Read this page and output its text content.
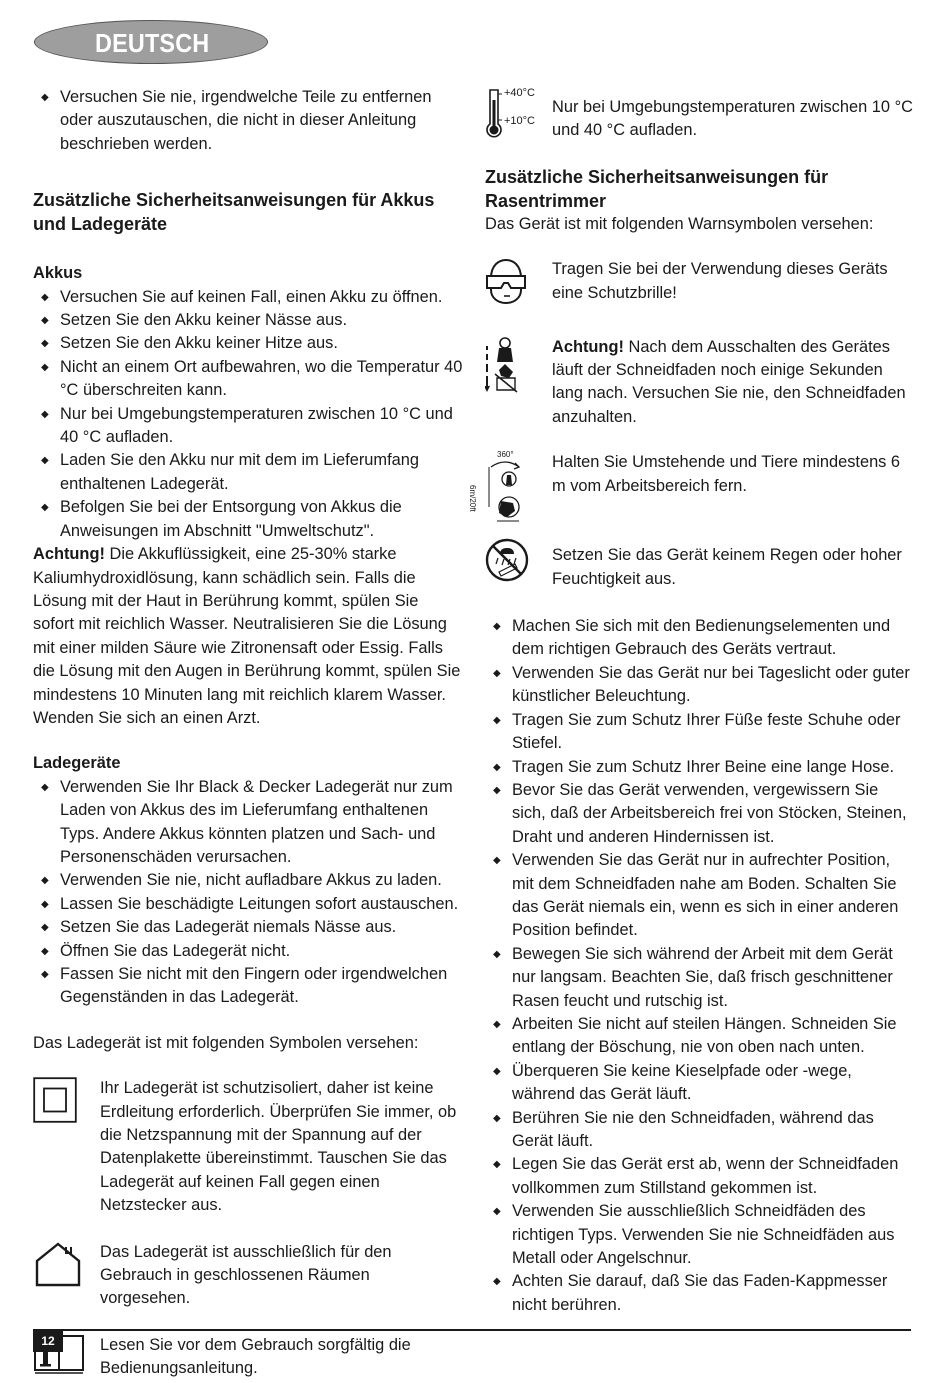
DEUTSCH
◆ Versuchen Sie nie, irgendwelche Teile zu entfernen oder auszutauschen, die nicht in dieser Anleitung beschrieben werden.
Zusätzliche Sicherheitsanweisungen für Akkus und Ladegeräte
Akkus
◆ Versuchen Sie auf keinen Fall, einen Akku zu öffnen.
◆ Setzen Sie den Akku keiner Nässe aus.
◆ Setzen Sie den Akku keiner Hitze aus.
◆ Nicht an einem Ort aufbewahren, wo die Temperatur 40 °C überschreiten kann.
◆ Nur bei Umgebungstemperaturen zwischen 10 °C und 40 °C aufladen.
◆ Laden Sie den Akku nur mit dem im Lieferumfang enthaltenen Ladegerät.
◆ Befolgen Sie bei der Entsorgung von Akkus die Anweisungen im Abschnitt "Umweltschutz".

Achtung! Die Akkuflüssigkeit, eine 25-30% starke Kaliumhydroxidlösung, kann schädlich sein. Falls die Lösung mit der Haut in Berührung kommt, spülen Sie sofort mit reichlich Wasser. Neutralisieren Sie die Lösung mit einer milden Säure wie Zitronensaft oder Essig. Falls die Lösung mit den Augen in Berührung kommt, spülen Sie mindestens 10 Minuten lang mit reichlich klarem Wasser. Wenden Sie sich an einen Arzt.

Ladegeräte
◆ Verwenden Sie Ihr Black & Decker Ladegerät nur zum Laden von Akkus des im Lieferumfang enthaltenen Typs. Andere Akkus könnten platzen und Sach- und Personenschäden verursachen.
◆ Verwenden Sie nie, nicht aufladbare Akkus zu laden.
◆ Lassen Sie beschädigte Leitungen sofort austauschen.
◆ Setzen Sie das Ladegerät niemals Nässe aus.
◆ Öffnen Sie das Ladegerät nicht.
◆ Fassen Sie nicht mit den Fingern oder irgendwelchen Gegenständen in das Ladegerät.

Das Ladegerät ist mit folgenden Symbolen versehen:

Ihr Ladegerät ist schutzisoliert, daher ist keine Erdleitung erforderlich. Überprüfen Sie immer, ob die Netzspannung mit der Spannung auf der Datenplakette übereinstimmt. Tauschen Sie das Ladegerät auf keinen Fall gegen einen Netzstecker aus.

Das Ladegerät ist ausschließlich für den Gebrauch in geschlossenen Räumen vorgesehen.

Lesen Sie vor dem Gebrauch sorgfältig die Bedienungsanleitung.

+40°C
+10°C

Nur bei Umgebungstemperaturen zwischen 10 °C und 40 °C aufladen.

Zusätzliche Sicherheitsanweisungen für Rasentrimmer

Das Gerät ist mit folgenden Warnsymbolen versehen:

Tragen Sie bei der Verwendung dieses Geräts eine Schutzbrille!

Achtung! Nach dem Ausschalten des Gerätes läuft der Schneidfaden noch einige Sekunden lang nach. Versuchen Sie nie, den Schneidfaden anzuhalten.

360°
6m/20ft

Halten Sie Umstehende und Tiere mindestens 6 m vom Arbeitsbereich fern.

Setzen Sie das Gerät keinem Regen oder hoher Feuchtigkeit aus.

◆ Machen Sie sich mit den Bedienungselementen und dem richtigen Gebrauch des Geräts vertraut.
◆ Verwenden Sie das Gerät nur bei Tageslicht oder guter künstlicher Beleuchtung.
◆ Tragen Sie zum Schutz Ihrer Füße feste Schuhe oder Stiefel.
◆ Tragen Sie zum Schutz Ihrer Beine eine lange Hose.
◆ Bevor Sie das Gerät verwenden, vergewissern Sie sich, daß der Arbeitsbereich frei von Stöcken, Steinen, Draht und anderen Hindernissen ist.
◆ Verwenden Sie das Gerät nur in aufrechter Position, mit dem Schneidfaden nahe am Boden. Schalten Sie das Gerät niemals ein, wenn es sich in einer anderen Position befindet.
◆ Bewegen Sie sich während der Arbeit mit dem Gerät nur langsam. Beachten Sie, daß frisch geschnittener Rasen feucht und rutschig ist.
◆ Arbeiten Sie nicht auf steilen Hängen. Schneiden Sie entlang der Böschung, nie von oben nach unten.
◆ Überqueren Sie keine Kieselpfade oder -wege, während das Gerät läuft.
◆ Berühren Sie nie den Schneidfaden, während das Gerät läuft.
◆ Legen Sie das Gerät erst ab, wenn der Schneidfaden vollkommen zum Stillstand gekommen ist.
◆ Verwenden Sie ausschließlich Schneidfäden des richtigen Typs. Verwenden Sie nie Schneidfäden aus Metall oder Angelschnur.
◆ Achten Sie darauf, daß Sie das Faden-Kappmesser nicht berühren.
12
